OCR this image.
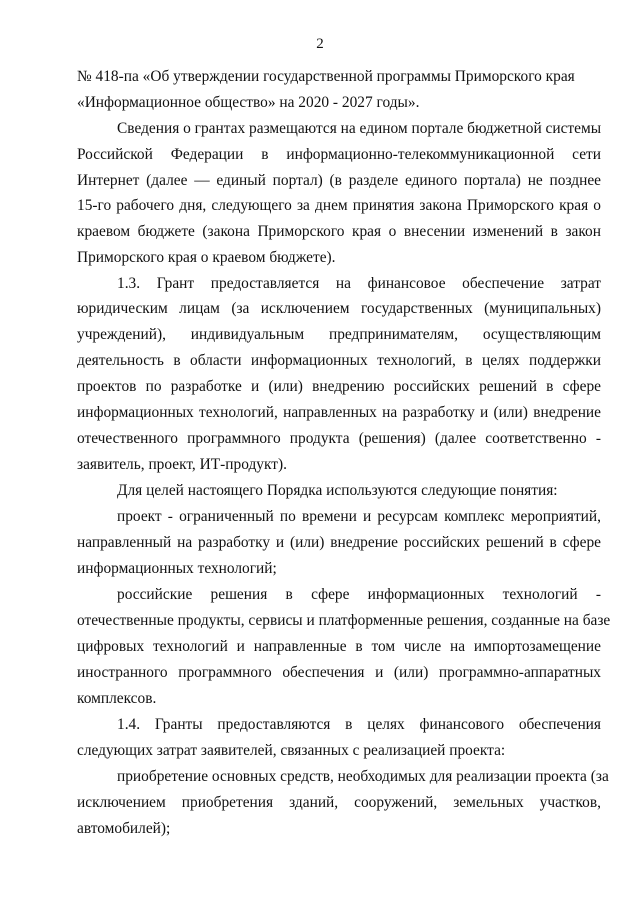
2
№ 418-па «Об утверждении государственной программы Приморского края
«Информационное общество» на 2020 - 2027 годы».
Сведения о грантах размещаются на едином портале бюджетной системы
Российской Федерации в информационно-телекоммуникационной сети
Интернет (далее — единый портал) (в разделе единого портала) не позднее
15-го рабочего дня, следующего за днем принятия закона Приморского края о
краевом бюджете (закона Приморского края о внесении изменений в закон
Приморского края о краевом бюджете).
1.3. Грант предоставляется на финансовое обеспечение затрат
юридическим лицам (за исключением государственных (муниципальных)
учреждений), индивидуальным предпринимателям, осуществляющим
деятельность в области информационных технологий, в целях поддержки
проектов по разработке и (или) внедрению российских решений в сфере
информационных технологий, направленных на разработку и (или) внедрение
отечественного программного продукта (решения) (далее соответственно -
заявитель, проект, ИТ-продукт).
Для целей настоящего Порядка используются следующие понятия:
проект - ограниченный по времени и ресурсам комплекс мероприятий,
направленный на разработку и (или) внедрение российских решений в сфере
информационных технологий;
российские решения в сфере информационных технологий -
отечественные продукты, сервисы и платформенные решения, созданные на базе
цифровых технологий и направленные в том числе на импортозамещение
иностранного программного обеспечения и (или) программно-аппаратных
комплексов.
1.4. Гранты предоставляются в целях финансового обеспечения
следующих затрат заявителей, связанных с реализацией проекта:
приобретение основных средств, необходимых для реализации проекта (за
исключением приобретения зданий, сооружений, земельных участков,
автомобилей);
